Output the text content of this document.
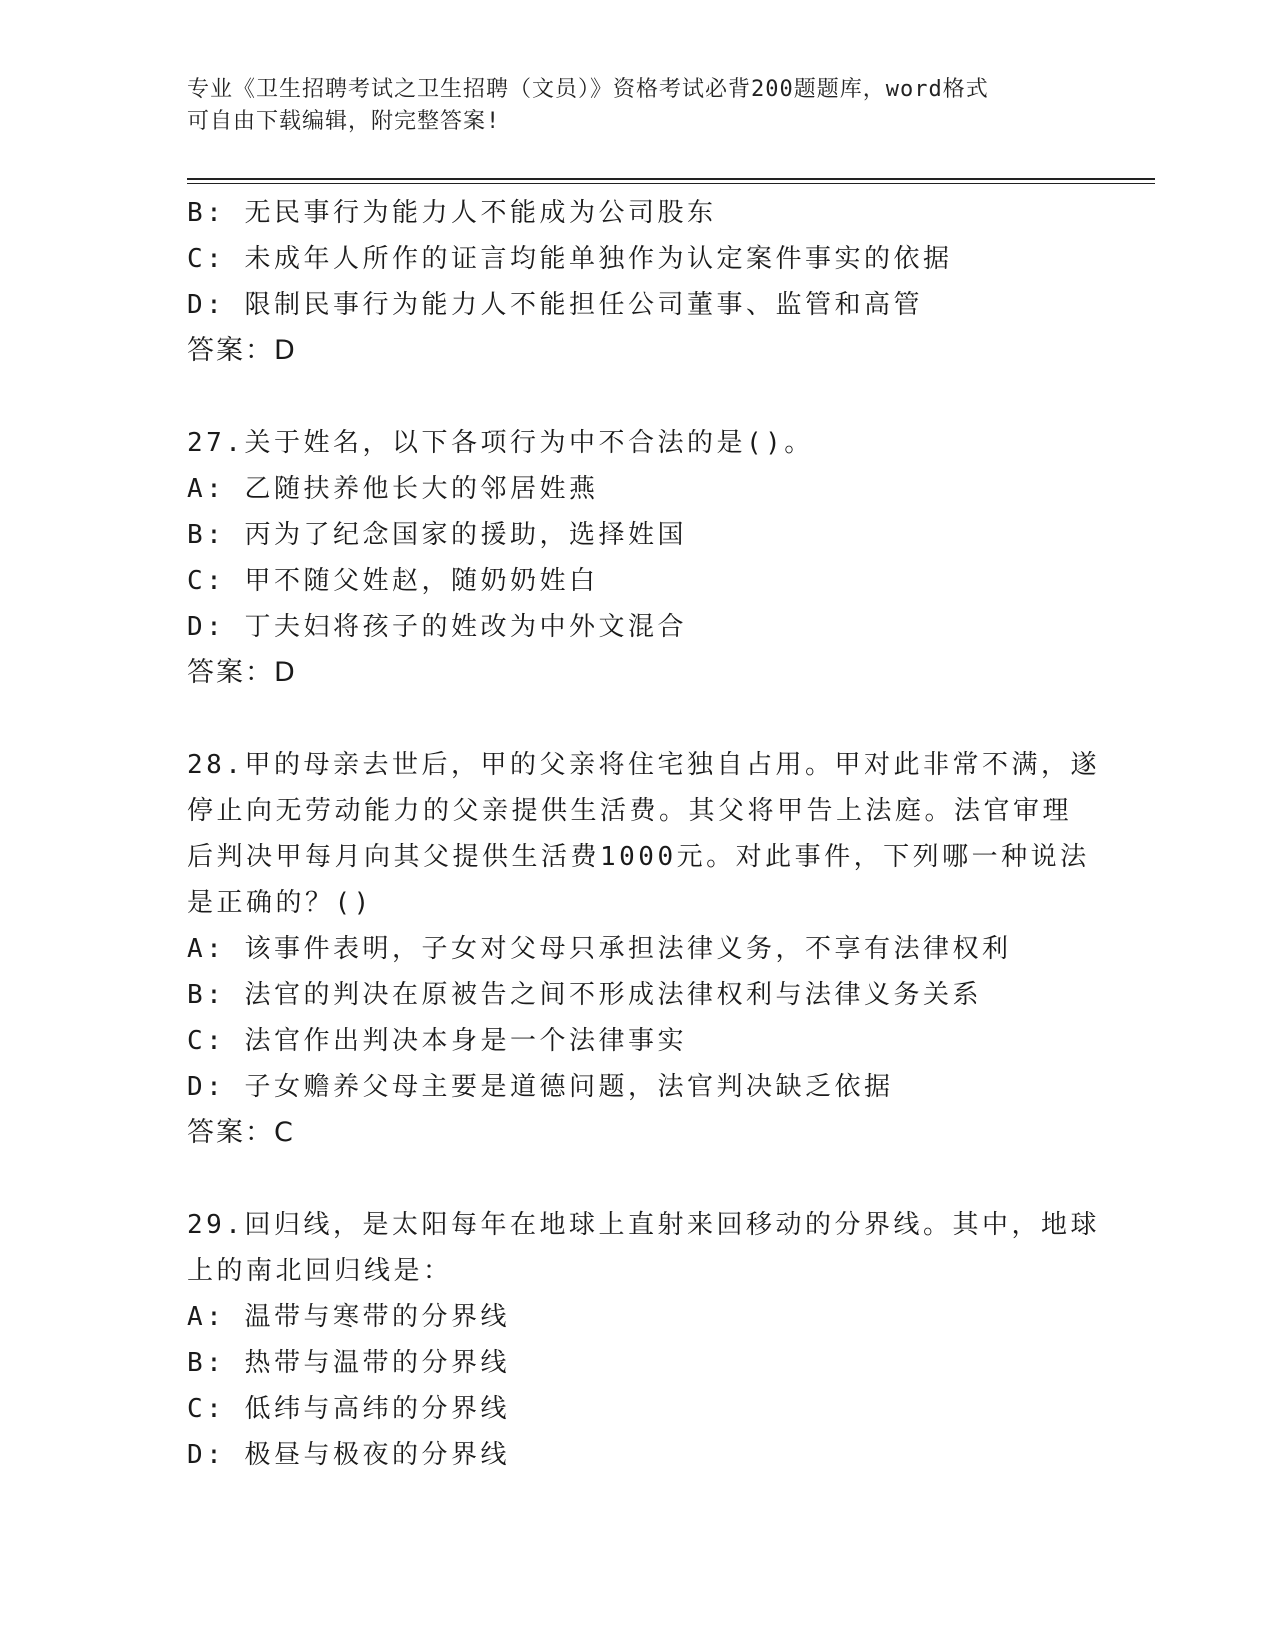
专业《卫生招聘考试之卫生招聘（文员）》资格考试必背200题题库，word格式
可自由下载编辑，附完整答案!
B: 无民事行为能力人不能成为公司股东
C: 未成年人所作的证言均能单独作为认定案件事实的依据
D: 限制民事行为能力人不能担任公司董事、监管和高管
答案：D
27.关于姓名，以下各项行为中不合法的是()。
A: 乙随扶养他长大的邻居姓燕
B: 丙为了纪念国家的援助，选择姓国
C: 甲不随父姓赵，随奶奶姓白
D: 丁夫妇将孩子的姓改为中外文混合
答案：D
28.甲的母亲去世后，甲的父亲将住宅独自占用。甲对此非常不满，遂
停止向无劳动能力的父亲提供生活费。其父将甲告上法庭。法官审理
后判决甲每月向其父提供生活费1000元。对此事件，下列哪一种说法
是正确的？()
A: 该事件表明，子女对父母只承担法律义务，不享有法律权利
B: 法官的判决在原被告之间不形成法律权利与法律义务关系
C: 法官作出判决本身是一个法律事实
D: 子女赡养父母主要是道德问题，法官判决缺乏依据
答案：C
29.回归线，是太阳每年在地球上直射来回移动的分界线。其中，地球
上的南北回归线是：
A: 温带与寒带的分界线
B: 热带与温带的分界线
C: 低纬与高纬的分界线
D: 极昼与极夜的分界线
